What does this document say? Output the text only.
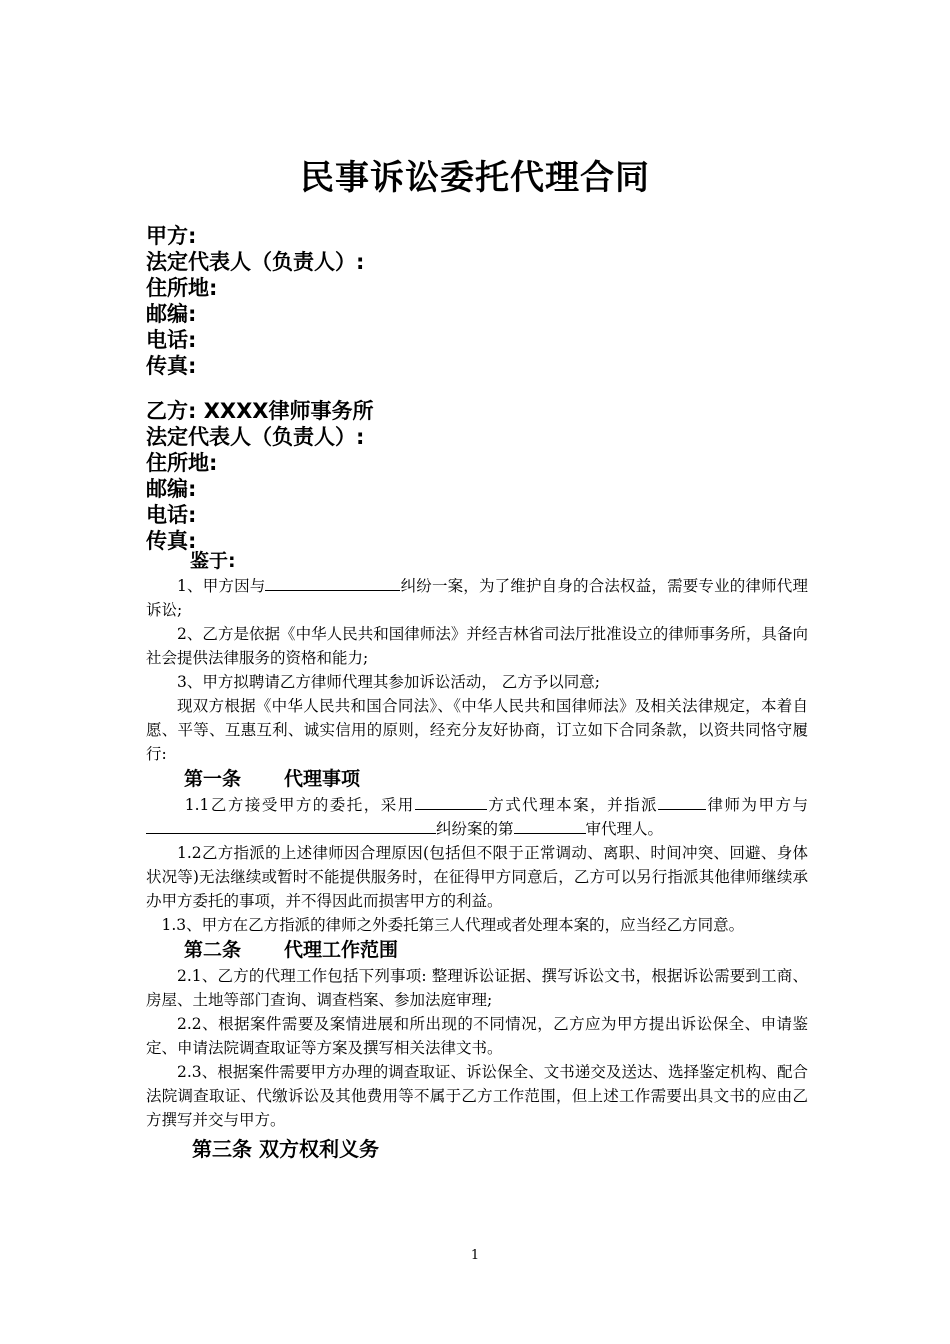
民事诉讼委托代理合同
甲方:
法定代表人（负责人）:
住所地:
邮编:
电话:
传真:
乙方: XXXX律师事务所
法定代表人（负责人）:
住所地:
邮编:
电话:
传真:
鉴于:

1、甲方因与	纠纷一案，为了维护自身的合法权益，需要专业的律师代理诉讼;

2、乙方是依据《中华人民共和国律师法》并经吉林省司法厅批准设立的律师事务所，具备向社会提供法律服务的资格和能力;

3、甲方拟聘请乙方律师代理其参加诉讼活动， 乙方予以同意;

现双方根据《中华人民共和国合同法》、《中华人民共和国律师法》及相关法律规定，本着自愿、平等、互惠互利、诚实信用的原则，经充分友好协商，订立如下合同条款，以资共同恪守履行:

第一条 代理事项

1.1乙方接受甲方的委托，采用	方式代理本案，并指派	律师为甲方与纠纷案的第	审代理人。

1.2乙方指派的上述律师因合理原因(包括但不限于正常调动、离职、时间冲突、回避、身体状况等)无法继续或暂时不能提供服务时，在征得甲方同意后，乙方可以另行指派其他律师继续承办甲方委托的事项，并不得因此而损害甲方的利益。

1.3、甲方在乙方指派的律师之外委托第三人代理或者处理本案的，应当经乙方同意。

第二条 代理工作范围

2.1、乙方的代理工作包括下列事项: 整理诉讼证据、撰写诉讼文书，根据诉讼需要到工商、房屋、土地等部门查询、调查档案、参加法庭审理;

2.2、根据案件需要及案情进展和所出现的不同情况，乙方应为甲方提出诉讼保全、申请鉴定、申请法院调查取证等方案及撰写相关法律文书。

2.3、根据案件需要甲方办理的调查取证、诉讼保全、文书递交及送达、选择鉴定机构、配合法院调查取证、代缴诉讼及其他费用等不属于乙方工作范围，但上述工作需要出具文书的应由乙方撰写并交与甲方。

第三条 双方权利义务
1
